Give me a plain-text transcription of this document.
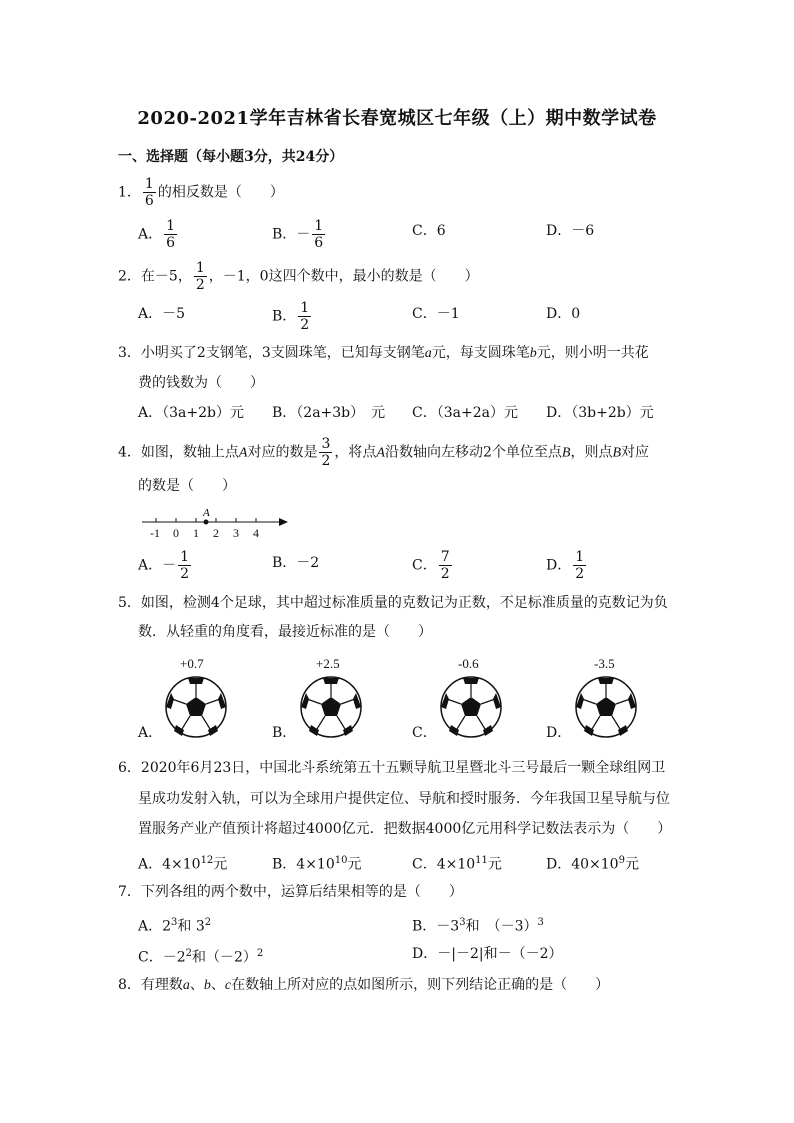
2020-2021学年吉林省长春宽城区七年级（上）期中数学试卷
一、选择题（每小题3分，共24分）
1． $\frac{1}{6}$ 的相反数是（　　）
A． $\frac{1}{6}$	B．－ $\frac{1}{6}$	C．6	D．－6
2．在－5， $\frac{1}{2}$ ，－1，0这四个数中，最小的数是（　　）
A．－5	B． $\frac{1}{2}$	C．－1	D．0
3．小明买了2支钢笔，3支圆珠笔，已知每支钢笔a元，每支圆珠笔b元，则小明一共花
费的钱数为（　　）
A．（3a+2b）元 B．（2a+3b）　元 C．（3a+2a）元 D．（3b+2b）元
4．如图，数轴上点A对应的数是 $\frac{3}{2}$ ，将点A沿数轴向左移动2个单位至点B，则点B对应
的数是（　　）
A
-1 0 1 2 3 4
A．－ $\frac{1}{2}$	B．－2	C． $\frac{7}{2}$	D． $\frac{1}{2}$
5．如图，检测4个足球，其中超过标准质量的克数记为正数，不足标准质量的克数记为负
数．从轻重的角度看，最接近标准的是（　　）
+0.7
A．
+2.5
B．
-0.6
C．
-3.5
D．
6．2020年6月23日，中国北斗系统第五十五颗导航卫星暨北斗三号最后一颗全球组网卫
星成功发射入轨，可以为全球用户提供定位、导航和授时服务．今年我国卫星导航与位
置服务产业产值预计将超过4000亿元．把数据4000亿元用科学记数法表示为（　　）
A．$4\times 10^{12}$元	B．$4\times 10^{10}$元	C．$4\times 10^{11}$元	D．$40\times 10^9$元
7．下列各组的两个数中，运算后结果相等的是（　　）
A．$2^3$和 $3^2$	B．$-3^3$和　$(-3)^3$
C．$-2^2$和$(-2)^2$	D．－|－2|和－（－2）
8．有理数a、b、c在数轴上所对应的点如图所示，则下列结论正确的是（　　）
